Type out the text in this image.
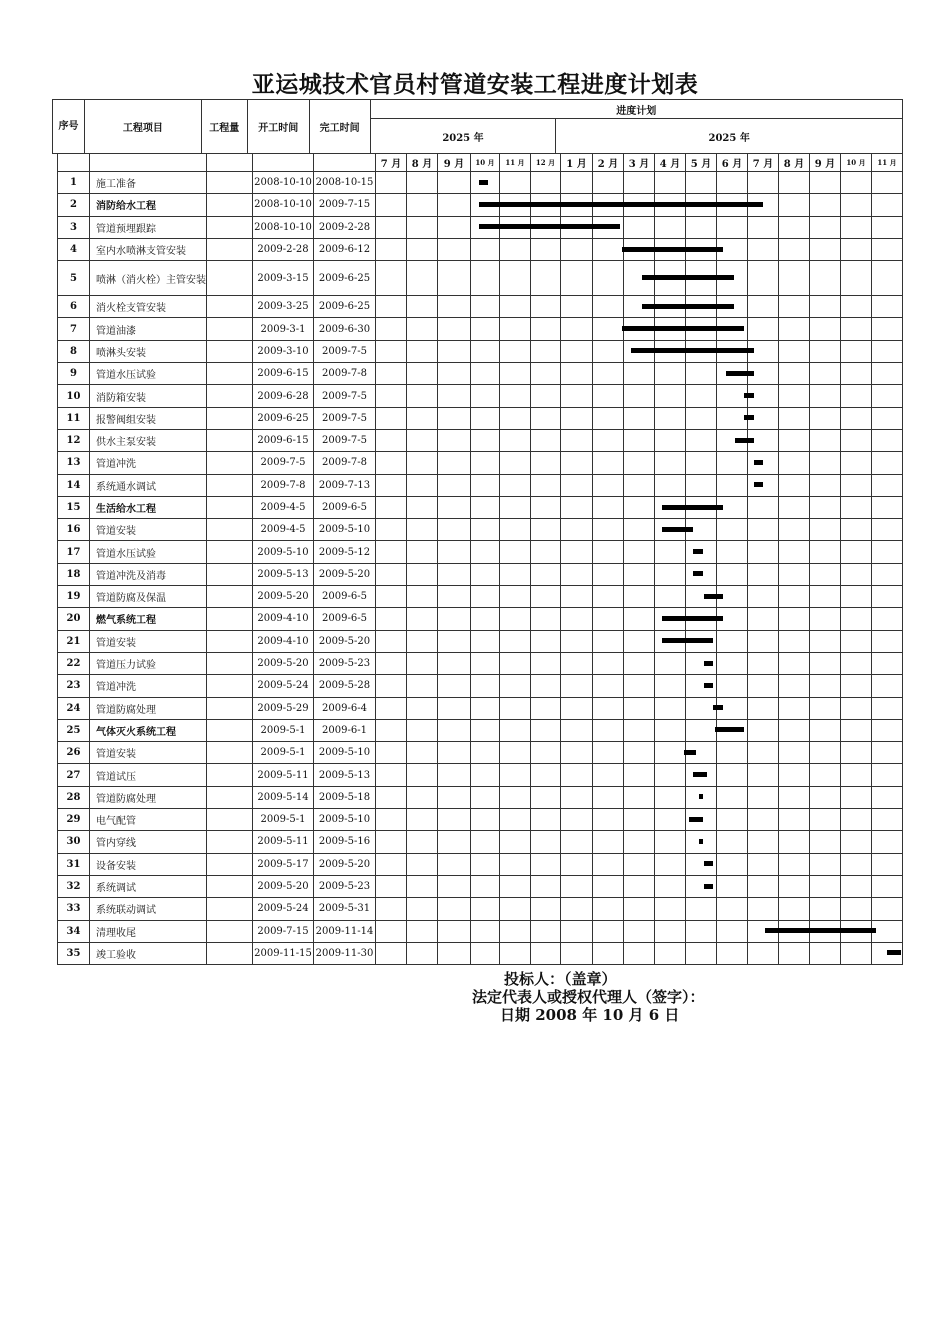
亚运城技术官员村管道安装工程进度计划表
序号	工程项目	工程量	开工时间	完工时间	进度计划	
					2025 年	2025 年
					7 月	8 月	9 月	10 月	11 月	12 月	1 月	2 月	3 月	4 月	5 月	6 月	7 月	8 月	9 月	10 月	11 月
1	施工准备		2008-10-10	2008-10-15																	
2	消防给水工程		2008-10-10	2009-7-15																	
3	管道预埋跟踪		2008-10-10	2009-2-28																	
4	室内水喷淋支管安装		2009-2-28	2009-6-12																	
5	喷淋（消火栓）主管安装		2009-3-15	2009-6-25																	
6	消火栓支管安装		2009-3-25	2009-6-25																	
7	管道油漆		2009-3-1	2009-6-30																	
8	喷淋头安装		2009-3-10	2009-7-5																	
9	管道水压试验		2009-6-15	2009-7-8																	
10	消防箱安装		2009-6-28	2009-7-5																	
11	报警阀组安装		2009-6-25	2009-7-5																	
12	供水主泵安装		2009-6-15	2009-7-5																	
13	管道冲洗		2009-7-5	2009-7-8																	
14	系统通水调试		2009-7-8	2009-7-13																	
15	生活给水工程		2009-4-5	2009-6-5																	
16	管道安装		2009-4-5	2009-5-10																	
17	管道水压试验		2009-5-10	2009-5-12																	
18	管道冲洗及消毒		2009-5-13	2009-5-20																	
19	管道防腐及保温		2009-5-20	2009-6-5																	
20	燃气系统工程		2009-4-10	2009-6-5																	
21	管道安装		2009-4-10	2009-5-20																	
22	管道压力试验		2009-5-20	2009-5-23																	
23	管道冲洗		2009-5-24	2009-5-28																	
24	管道防腐处理		2009-5-29	2009-6-4																	
25	气体灭火系统工程		2009-5-1	2009-6-1																	
26	管道安装		2009-5-1	2009-5-10																	
27	管道试压		2009-5-11	2009-5-13																	
28	管道防腐处理		2009-5-14	2009-5-18																	
29	电气配管		2009-5-1	2009-5-10																	
30	管内穿线		2009-5-11	2009-5-16																	
31	设备安装		2009-5-17	2009-5-20																	
32	系统调试		2009-5-20	2009-5-23																	
33	系统联动调试		2009-5-24	2009-5-31																	
34	清理收尾		2009-7-15	2009-11-14																	
35	竣工验收		2009-11-15	2009-11-30																	
投标人：（盖章）
法定代表人或授权代理人（签字）：
日期 2008 年 10 月 6 日
